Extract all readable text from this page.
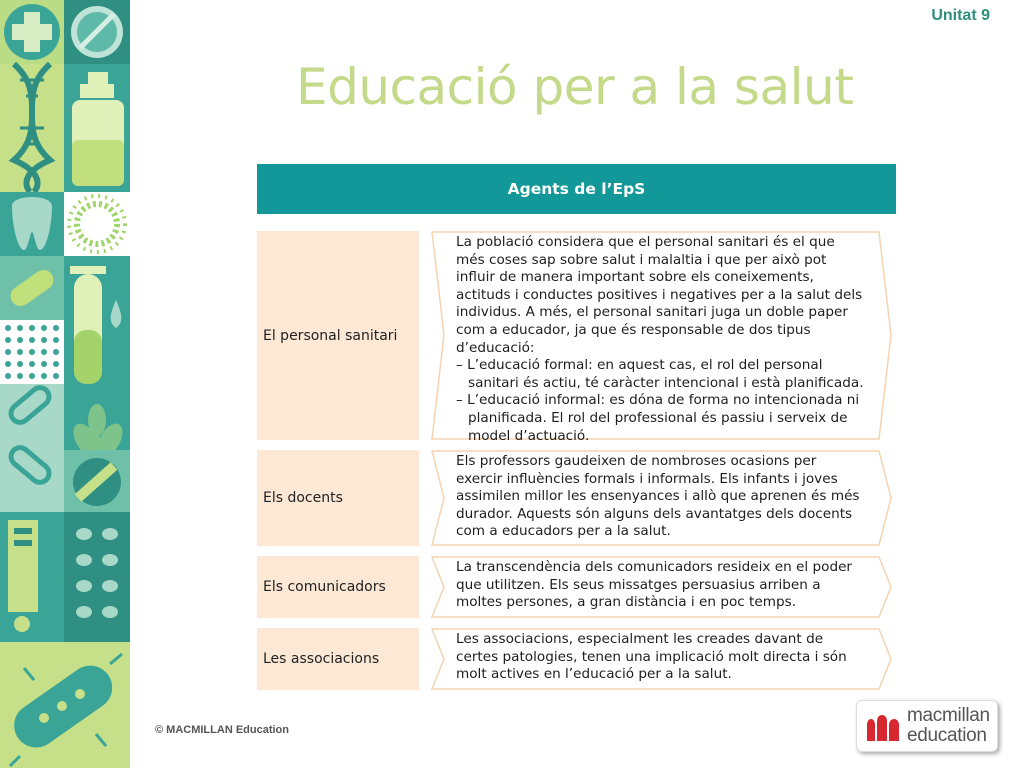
Unitat 9
Educació per a la salut
Agents de l’EpS
El personal sanitari

La població considera que el personal sanitari és el que més coses sap sobre salut i malaltia i que per això pot influir de manera important sobre els coneixements, actituds i conductes positives i negatives per a la salut dels individus. A més, el personal sanitari juga un doble paper com a educador, ja que és responsable de dos tipus d’educació:

– L’educació formal: en aquest cas, el rol del personal sanitari és actiu, té caràcter intencional i està planificada.

– L’educació informal: es dóna de forma no intencionada ni planificada. El rol del professional és passiu i serveix de model d’actuació.

Els docents

Els professors gaudeixen de nombroses ocasions per exercir influències formals i informals. Els infants i joves assimilen millor les ensenyances i allò que aprenen és més durador. Aquests són alguns dels avantatges dels docents com a educadors per a la salut.

Els comunicadors

La transcendència dels comunicadors resideix en el poder que utilitzen. Els seus missatges persuasius arriben a moltes persones, a gran distància i en poc temps.

Les associacions

Les associacions, especialment les creades davant de certes patologies, tenen una implicació molt directa i són molt actives en l’educació per a la salut.

© MACMILLAN Education
macmillan
education
